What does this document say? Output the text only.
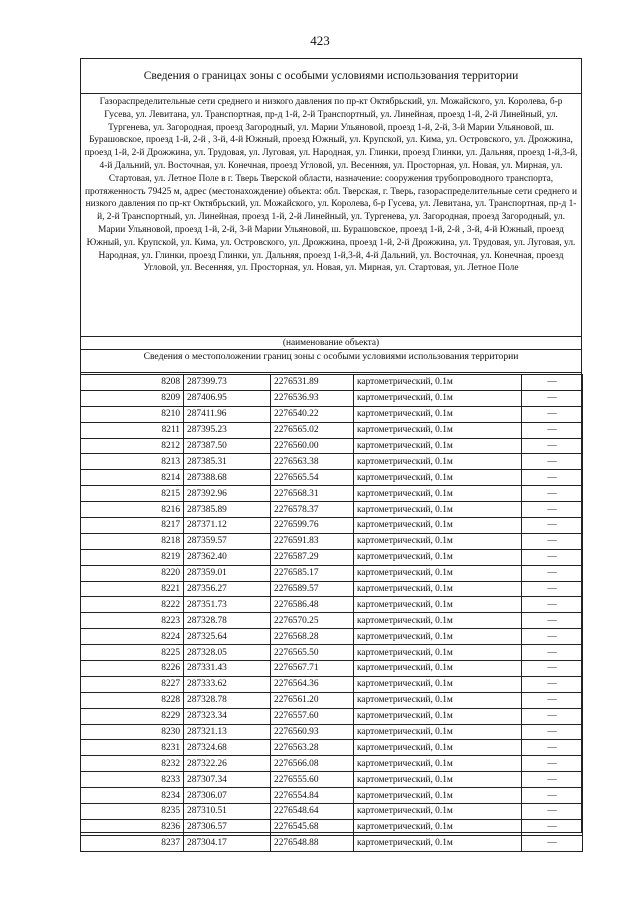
423
Сведения о границах зоны с особыми условиями использования территории
Газораспределительные сети среднего и низкого давления по пр-кт Октябрьский, ул. Можайского, ул. Королева, б-р Гусева, ул. Левитана, ул. Транспортная, пр-д 1-й, 2-й Транспортный, ул. Линейная, проезд 1-й, 2-й Линейный, ул. Тургенева, ул. Загородная, проезд Загородный, ул. Марии Ульяновой, проезд 1-й, 2-й, 3-й Марии Ульяновой, ш. Бурашовское, проезд 1-й, 2-й , 3-й, 4-й Южный, проезд Южный, ул. Крупской, ул. Кима, ул. Островского, ул. Дрожжина, проезд 1-й, 2-й Дрожжина, ул. Трудовая, ул. Луговая, ул. Народная, ул. Глинки, проезд Глинки, ул. Дальняя, проезд 1-й,3-й, 4-й Дальний, ул. Восточная, ул. Конечная, проезд Угловой, ул. Весенняя, ул. Просторная, ул. Новая, ул. Мирная, ул. Стартовая, ул. Летное Поле в г. Тверь Тверской области, назначение: сооружения трубопроводного транспорта, протяженность 79425 м, адрес (местонахождение) объекта: обл. Тверская, г. Тверь, газораспределительные сети среднего и низкого давления по пр-кт Октябрьский, ул. Можайского, ул. Королева, б-р Гусева, ул. Левитана, ул. Транспортная, пр-д 1-й, 2-й Транспортный, ул. Линейная, проезд 1-й, 2-й Линейный, ул. Тургенева, ул. Загородная, проезд Загородный, ул. Марии Ульяновой, проезд 1-й, 2-й, 3-й Марии Ульяновой, ш. Бурашовское, проезд 1-й, 2-й , 3-й, 4-й Южный, проезд Южный, ул. Крупской, ул. Кима, ул. Островского, ул. Дрожжина, проезд 1-й, 2-й Дрожжина, ул. Трудовая, ул. Луговая, ул. Народная, ул. Глинки, проезд Глинки, ул. Дальняя, проезд 1-й,3-й, 4-й Дальний, ул. Восточная, ул. Конечная, проезд Угловой, ул. Весенняя, ул. Просторная, ул. Новая, ул. Мирная, ул. Стартовая, ул. Летное Поле
(наименование объекта)
Сведения о местоположении границ зоны с особыми условиями использования территории
8208	287399.73	2276531.89	картометрический, 0.1м	—
8209	287406.95	2276536.93	картометрический, 0.1м	—
8210	287411.96	2276540.22	картометрический, 0.1м	—
8211	287395.23	2276565.02	картометрический, 0.1м	—
8212	287387.50	2276560.00	картометрический, 0.1м	—
8213	287385.31	2276563.38	картометрический, 0.1м	—
8214	287388.68	2276565.54	картометрический, 0.1м	—
8215	287392.96	2276568.31	картометрический, 0.1м	—
8216	287385.89	2276578.37	картометрический, 0.1м	—
8217	287371.12	2276599.76	картометрический, 0.1м	—
8218	287359.57	2276591.83	картометрический, 0.1м	—
8219	287362.40	2276587.29	картометрический, 0.1м	—
8220	287359.01	2276585.17	картометрический, 0.1м	—
8221	287356.27	2276589.57	картометрический, 0.1м	—
8222	287351.73	2276586.48	картометрический, 0.1м	—
8223	287328.78	2276570.25	картометрический, 0.1м	—
8224	287325.64	2276568.28	картометрический, 0.1м	—
8225	287328.05	2276565.50	картометрический, 0.1м	—
8226	287331.43	2276567.71	картометрический, 0.1м	—
8227	287333.62	2276564.36	картометрический, 0.1м	—
8228	287328.78	2276561.20	картометрический, 0.1м	—
8229	287323.34	2276557.60	картометрический, 0.1м	—
8230	287321.13	2276560.93	картометрический, 0.1м	—
8231	287324.68	2276563.28	картометрический, 0.1м	—
8232	287322.26	2276566.08	картометрический, 0.1м	—
8233	287307.34	2276555.60	картометрический, 0.1м	—
8234	287306.07	2276554.84	картометрический, 0.1м	—
8235	287310.51	2276548.64	картометрический, 0.1м	—
8236	287306.57	2276545.68	картометрический, 0.1м	—
8237	287304.17	2276548.88	картометрический, 0.1м	—
